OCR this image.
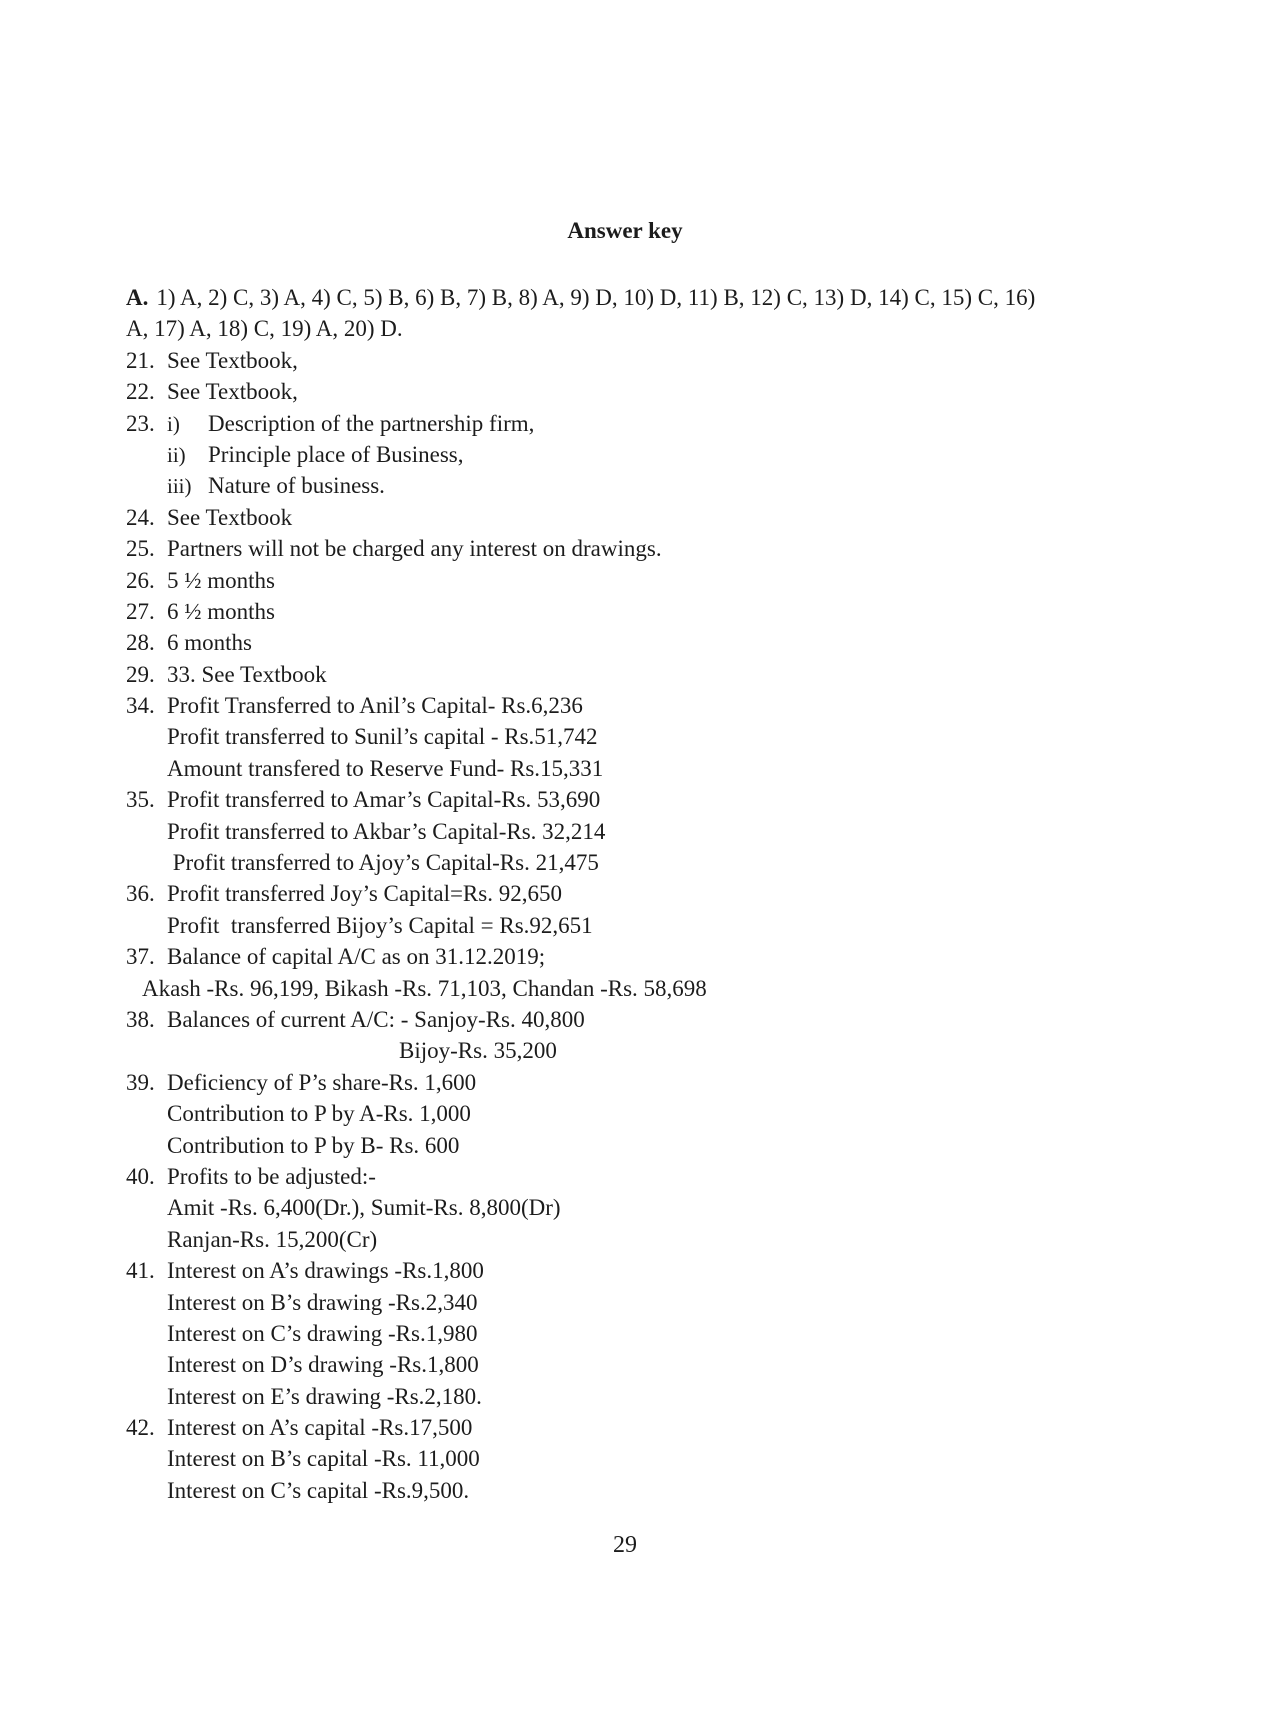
Answer key
A. 1) A, 2) C, 3) A, 4) C, 5) B, 6) B, 7) B, 8) A, 9) D, 10) D, 11) B, 12) C, 13) D, 14) C, 15) C, 16)
A, 17) A, 18) C, 19) A, 20) D.
21. See Textbook,
22. See Textbook,
23. i) Description of the partnership firm,
ii) Principle place of Business,
iii) Nature of business.
24. See Textbook
25. Partners will not be charged any interest on drawings.
26. 5 ½ months
27. 6 ½ months
28. 6 months
29. 33. See Textbook
34. Profit Transferred to Anil’s Capital- Rs.6,236
Profit transferred to Sunil’s capital - Rs.51,742
Amount transfered to Reserve Fund- Rs.15,331
35. Profit transferred to Amar’s Capital-Rs. 53,690
Profit transferred to Akbar’s Capital-Rs. 32,214
Profit transferred to Ajoy’s Capital-Rs. 21,475
36. Profit transferred Joy’s Capital=Rs. 92,650
Profit  transferred Bijoy’s Capital = Rs.92,651
37. Balance of capital A/C as on 31.12.2019;
Akash -Rs. 96,199, Bikash -Rs. 71,103, Chandan -Rs. 58,698
38. Balances of current A/C: - Sanjoy-Rs. 40,800
Bijoy-Rs. 35,200
39. Deficiency of P’s share-Rs. 1,600
Contribution to P by A-Rs. 1,000
Contribution to P by B- Rs. 600
40. Profits to be adjusted:-
Amit -Rs. 6,400(Dr.), Sumit-Rs. 8,800(Dr)
Ranjan-Rs. 15,200(Cr)
41. Interest on A’s drawings -Rs.1,800
Interest on B’s drawing -Rs.2,340
Interest on C’s drawing -Rs.1,980
Interest on D’s drawing -Rs.1,800
Interest on E’s drawing -Rs.2,180.
42. Interest on A’s capital -Rs.17,500
Interest on B’s capital -Rs. 11,000
Interest on C’s capital -Rs.9,500.
29
